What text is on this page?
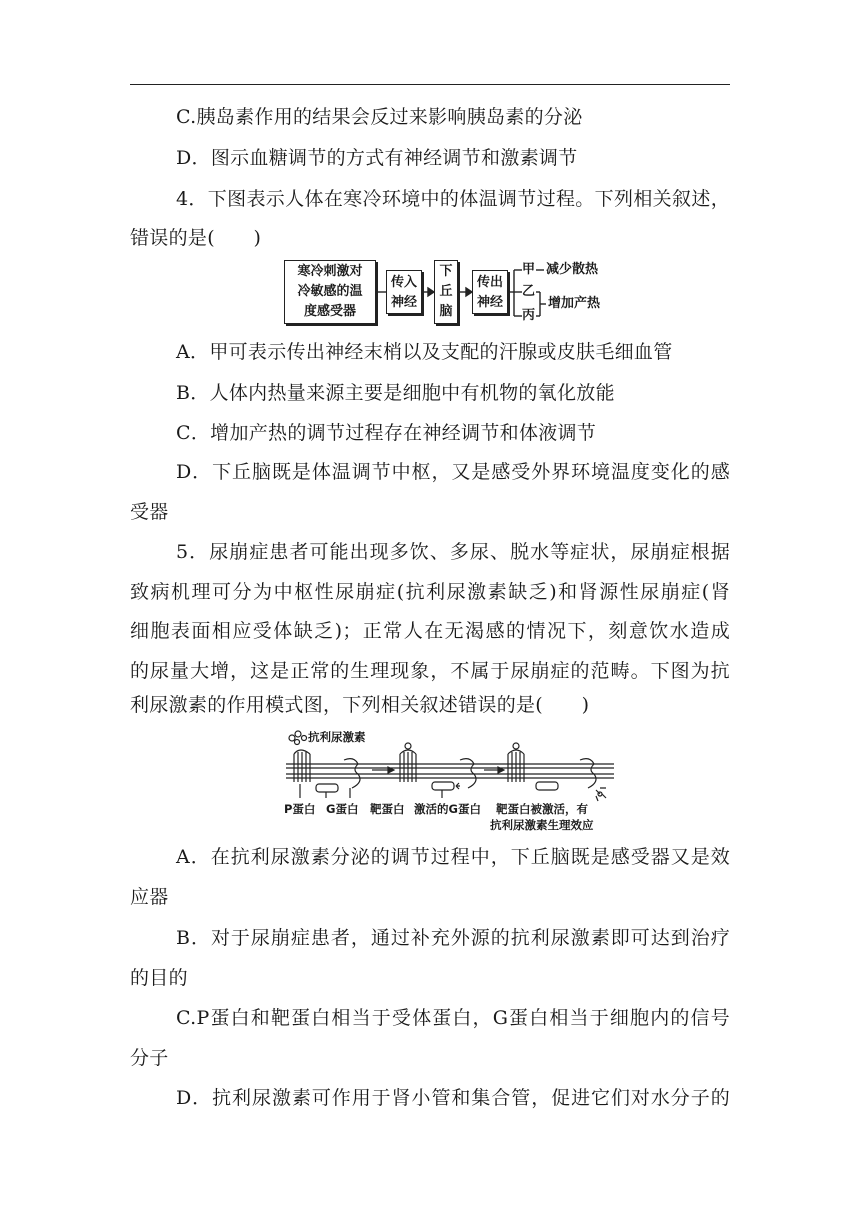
C.胰岛素作用的结果会反过来影响胰岛素的分泌
D．图示血糖调节的方式有神经调节和激素调节
4．下图表示人体在寒冷环境中的体温调节过程。下列相关叙述，
错误的是(　　)
寒冷刺激对
冷敏感的温
度感受器
传入
神经
下
丘
脑
传出
神经
甲 减少散热
乙
丙
增加产热
A．甲可表示传出神经末梢以及支配的汗腺或皮肤毛细血管
B．人体内热量来源主要是细胞中有机物的氧化放能
C．增加产热的调节过程存在神经调节和体液调节
D．下丘脑既是体温调节中枢，又是感受外界环境温度变化的感
受器
5．尿崩症患者可能出现多饮、多尿、脱水等症状，尿崩症根据
致病机理可分为中枢性尿崩症(抗利尿激素缺乏)和肾源性尿崩症(肾
细胞表面相应受体缺乏)；正常人在无渴感的情况下，刻意饮水造成
的尿量大增，这是正常的生理现象，不属于尿崩症的范畴。下图为抗
利尿激素的作用模式图，下列相关叙述错误的是(　　)
抗利尿激素
P蛋白 G蛋白 靶蛋白 激活的G蛋白 靶蛋白被激活，有
抗利尿激素生理效应
A．在抗利尿激素分泌的调节过程中，下丘脑既是感受器又是效
应器
B．对于尿崩症患者，通过补充外源的抗利尿激素即可达到治疗
的目的
C.P蛋白和靶蛋白相当于受体蛋白，G蛋白相当于细胞内的信号
分子
D．抗利尿激素可作用于肾小管和集合管，促进它们对水分子的
